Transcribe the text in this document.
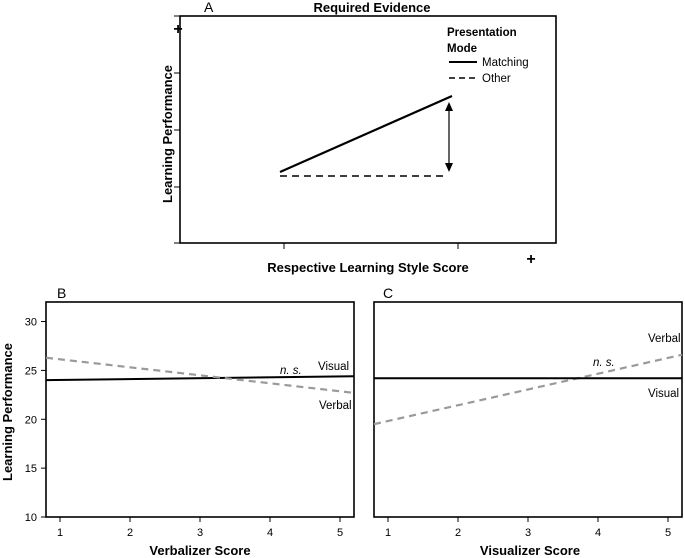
A	Required Evidence
+
+
Respective Learning Style Score
Learning Performance
Presentation
Mode
Matching
Other
B
10
15
20
25
30
1	2	3	4	5
n. s. Visual
Verbal
Verbalizer Score
Learning Performance
C
1	2	3	4	5
n. s.
Verbal
Visual
Visualizer Score
